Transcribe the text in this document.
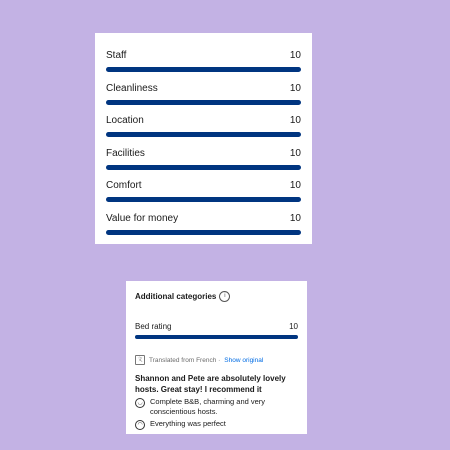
Staff	10
Cleanliness	10
Location	10
Facilities	10
Comfort	10
Value for money	10
Additional categories	i
Bed rating	10
文	Translated from French · Show original
Shannon and Pete are absolutely lovely hosts. Great stay! I recommend it
◡ Complete B&B, charming and very conscientious hosts.
◠ Everything was perfect
